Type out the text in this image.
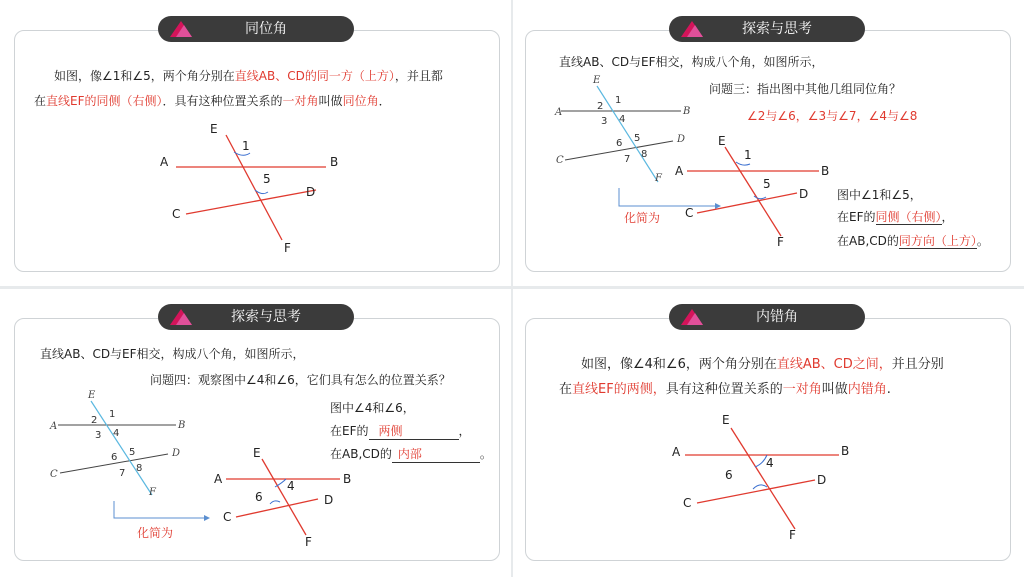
同位角
如图，像∠1和∠5，两个角分别在直线AB、CD的同一方（上方），并且都
在直线EF的同侧（右侧）．具有这种位置关系的一对角叫做同位角．
E
A	B
C
D
F
1
5
探索与思考
直线AB、CD与EF相交，构成八个角，如图所示，
问题三：指出图中其他几组同位角？
∠2与∠6，∠3与∠7，∠4与∠8
E
A	B
C
D
F
1
2
3 4
5
6
7 8
化简为
E
A	B
C
D
F
1
5
图中∠1和∠5，
在EF的同侧（右侧），
在AB,CD的同方向（上方）。
探索与思考
直线AB、CD与EF相交，构成八个角，如图所示，
问题四：观察图中∠4和∠6，它们具有怎么的位置关系？
E
A	B
C
D
F
1
2
3 4
5
6
7 8
化简为
E
A	B
C
D
F
4
6
图中∠4和∠6，
在EF的 两侧	，
在AB,CD的 内部	。
内错角
如图，像∠4和∠6，两个角分别在直线AB、CD之间，并且分别
在直线EF的两侧，具有这种位置关系的一对角叫做内错角.
E
A	B
C
D
F
4
6
